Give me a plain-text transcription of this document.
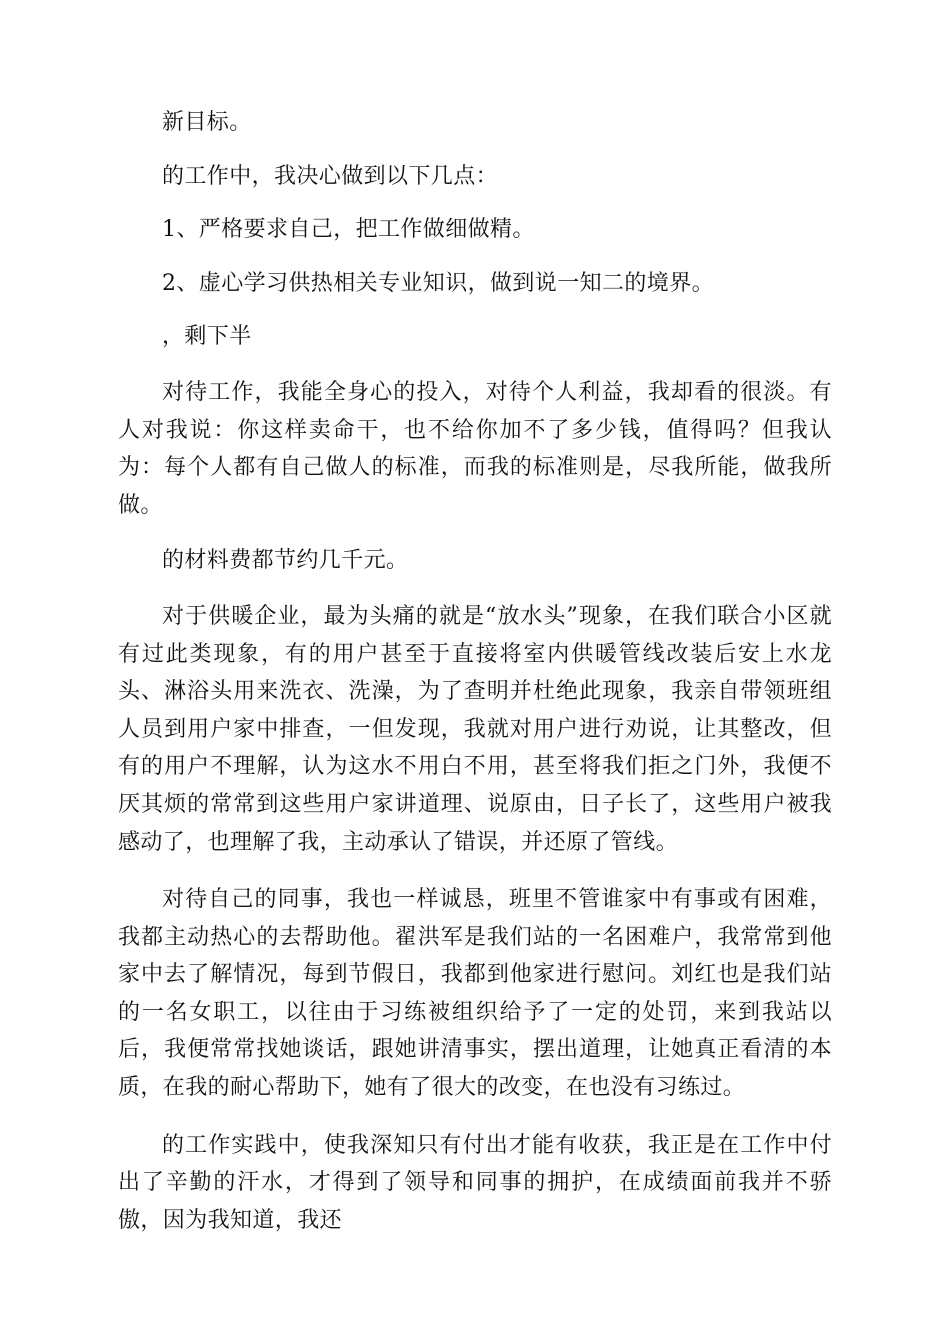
新目标。

的工作中，我决心做到以下几点：

1、严格要求自己，把工作做细做精。

2、虚心学习供热相关专业知识，做到说一知二的境界。

，剩下半

对待工作，我能全身心的投入，对待个人利益，我却看的很淡。有人对我说：你这样卖命干，也不给你加不了多少钱，值得吗？但我认为：每个人都有自己做人的标准，而我的标准则是，尽我所能，做我所做。

的材料费都节约几千元。

对于供暖企业，最为头痛的就是“放水头”现象，在我们联合小区就有过此类现象，有的用户甚至于直接将室内供暖管线改装后安上水龙头、淋浴头用来洗衣、洗澡，为了查明并杜绝此现象，我亲自带领班组人员到用户家中排查，一但发现，我就对用户进行劝说，让其整改，但有的用户不理解，认为这水不用白不用，甚至将我们拒之门外，我便不厌其烦的常常到这些用户家讲道理、说原由，日子长了，这些用户被我感动了，也理解了我，主动承认了错误，并还原了管线。

对待自己的同事，我也一样诚恳，班里不管谁家中有事或有困难，我都主动热心的去帮助他。翟洪军是我们站的一名困难户，我常常到他家中去了解情况，每到节假日，我都到他家进行慰问。刘红也是我们站的一名女职工，以往由于习练被组织给予了一定的处罚，来到我站以后，我便常常找她谈话，跟她讲清事实，摆出道理，让她真正看清的本质，在我的耐心帮助下，她有了很大的改变，在也没有习练过。

的工作实践中，使我深知只有付出才能有收获，我正是在工作中付出了辛勤的汗水，才得到了领导和同事的拥护，在成绩面前我并不骄傲，因为我知道，我还
